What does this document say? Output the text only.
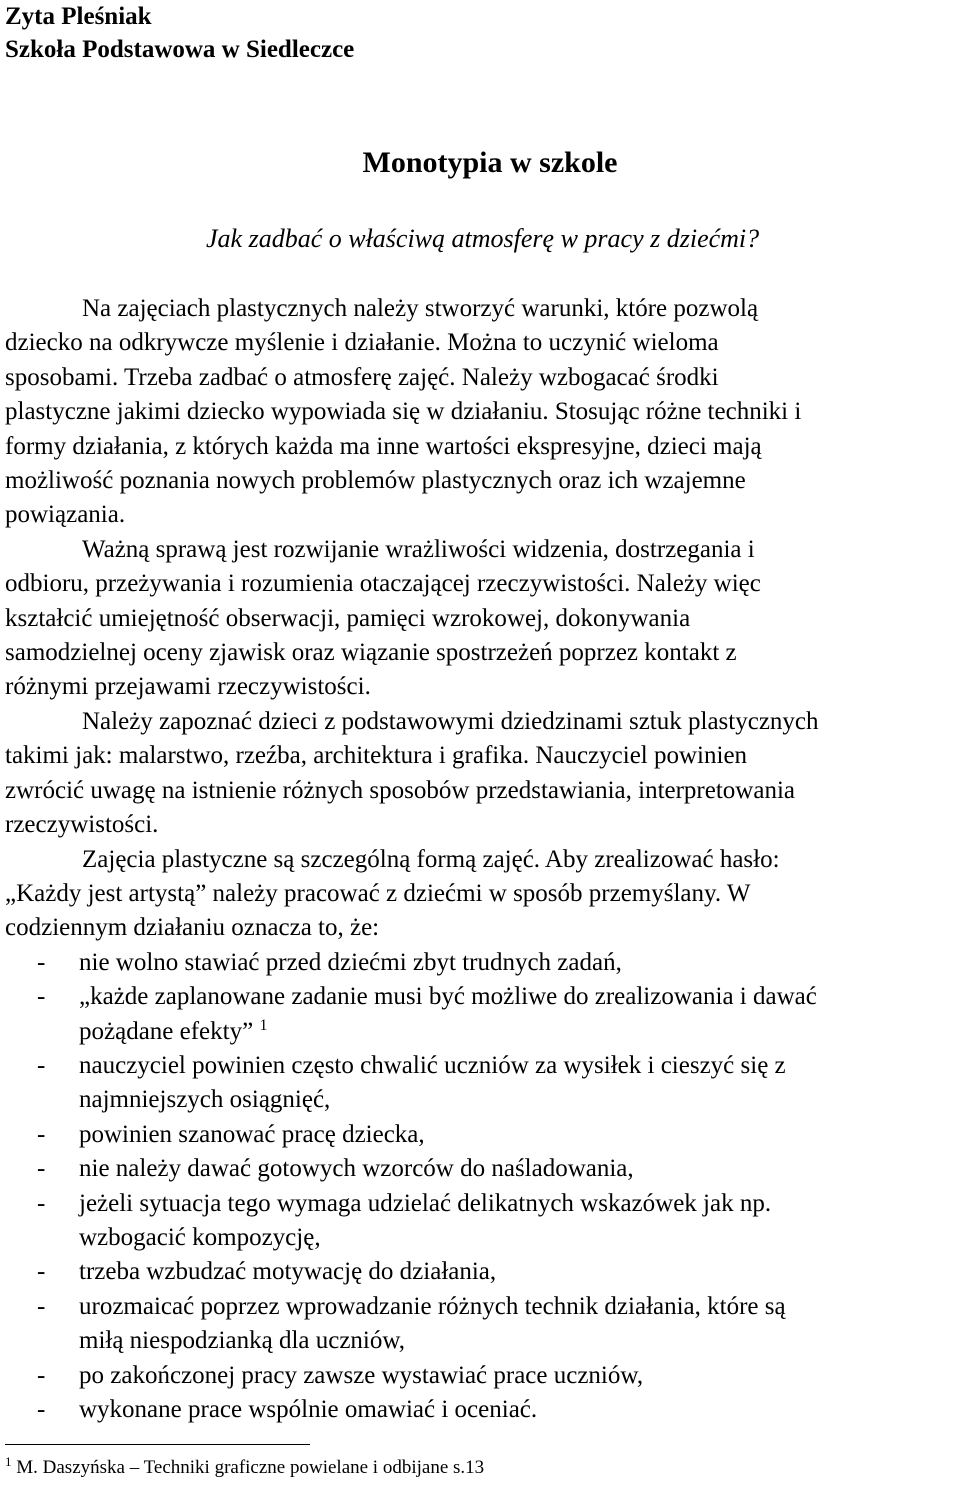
Zyta Pleśniak
Szkoła Podstawowa w Siedleczce
Monotypia w szkole
Jak zadbać o właściwą atmosferę w pracy z dziećmi?
Na zajęciach plastycznych należy stworzyć warunki, które pozwolą
dziecko na odkrywcze myślenie i działanie. Można to uczynić wieloma
sposobami. Trzeba zadbać o atmosferę zajęć. Należy wzbogacać środki
plastyczne jakimi dziecko wypowiada się w działaniu. Stosując różne techniki i
formy działania, z których każda ma inne wartości ekspresyjne, dzieci mają
możliwość poznania nowych problemów plastycznych oraz ich wzajemne
powiązania.
Ważną sprawą jest rozwijanie wrażliwości widzenia, dostrzegania i
odbioru, przeżywania i rozumienia otaczającej rzeczywistości. Należy więc
kształcić umiejętność obserwacji, pamięci wzrokowej, dokonywania
samodzielnej oceny zjawisk oraz wiązanie spostrzeżeń poprzez kontakt z
różnymi przejawami rzeczywistości.
Należy zapoznać dzieci z podstawowymi dziedzinami sztuk plastycznych
takimi jak: malarstwo, rzeźba, architektura i grafika. Nauczyciel powinien
zwrócić uwagę na istnienie różnych sposobów przedstawiania, interpretowania
rzeczywistości.
Zajęcia plastyczne są szczególną formą zajęć. Aby zrealizować hasło:
„Każdy jest artystą” należy pracować z dziećmi w sposób przemyślany. W
codziennym działaniu oznacza to, że:
- nie wolno stawiać przed dziećmi zbyt trudnych zadań,
- „każde zaplanowane zadanie musi być możliwe do zrealizowania i dawać
pożądane efekty” $^1$
- nauczyciel powinien często chwalić uczniów za wysiłek i cieszyć się z
najmniejszych osiągnięć,
- powinien szanować pracę dziecka,
- nie należy dawać gotowych wzorców do naśladowania,
- jeżeli sytuacja tego wymaga udzielać delikatnych wskazówek jak np.
wzbogacić kompozycję,
- trzeba wzbudzać motywację do działania,
- urozmaicać poprzez wprowadzanie różnych technik działania, które są
miłą niespodzianką dla uczniów,
- po zakończonej pracy zawsze wystawiać prace uczniów,
- wykonane prace wspólnie omawiać i oceniać.
$^1$ M. Daszyńska – Techniki graficzne powielane i odbijane s.13
